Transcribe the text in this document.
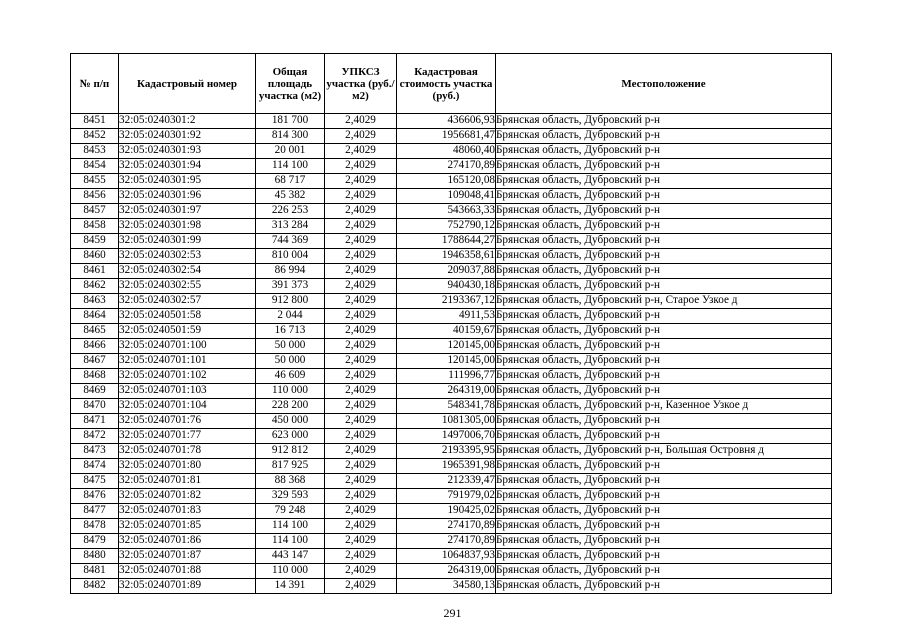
№ п/п	Кадастровый номер	Общая площадь участка (м2)	УПКСЗ участка (руб./м2)	Кадастровая стоимость участка (руб.)	Местоположение
8451	32:05:0240301:2	181 700	2,4029	436606,93	Брянская область, Дубровский р-н
8452	32:05:0240301:92	814 300	2,4029	1956681,47	Брянская область, Дубровский р-н
8453	32:05:0240301:93	20 001	2,4029	48060,40	Брянская область, Дубровский р-н
8454	32:05:0240301:94	114 100	2,4029	274170,89	Брянская область, Дубровский р-н
8455	32:05:0240301:95	68 717	2,4029	165120,08	Брянская область, Дубровский р-н
8456	32:05:0240301:96	45 382	2,4029	109048,41	Брянская область, Дубровский р-н
8457	32:05:0240301:97	226 253	2,4029	543663,33	Брянская область, Дубровский р-н
8458	32:05:0240301:98	313 284	2,4029	752790,12	Брянская область, Дубровский р-н
8459	32:05:0240301:99	744 369	2,4029	1788644,27	Брянская область, Дубровский р-н
8460	32:05:0240302:53	810 004	2,4029	1946358,61	Брянская область, Дубровский р-н
8461	32:05:0240302:54	86 994	2,4029	209037,88	Брянская область, Дубровский р-н
8462	32:05:0240302:55	391 373	2,4029	940430,18	Брянская область, Дубровский р-н
8463	32:05:0240302:57	912 800	2,4029	2193367,12	Брянская область, Дубровский р-н, Старое Узкое д
8464	32:05:0240501:58	2 044	2,4029	4911,53	Брянская область, Дубровский р-н
8465	32:05:0240501:59	16 713	2,4029	40159,67	Брянская область, Дубровский р-н
8466	32:05:0240701:100	50 000	2,4029	120145,00	Брянская область, Дубровский р-н
8467	32:05:0240701:101	50 000	2,4029	120145,00	Брянская область, Дубровский р-н
8468	32:05:0240701:102	46 609	2,4029	111996,77	Брянская область, Дубровский р-н
8469	32:05:0240701:103	110 000	2,4029	264319,00	Брянская область, Дубровский р-н
8470	32:05:0240701:104	228 200	2,4029	548341,78	Брянская область, Дубровский р-н, Казенное Узкое д
8471	32:05:0240701:76	450 000	2,4029	1081305,00	Брянская область, Дубровский р-н
8472	32:05:0240701:77	623 000	2,4029	1497006,70	Брянская область, Дубровский р-н
8473	32:05:0240701:78	912 812	2,4029	2193395,95	Брянская область, Дубровский р-н, Большая Островня д
8474	32:05:0240701:80	817 925	2,4029	1965391,98	Брянская область, Дубровский р-н
8475	32:05:0240701:81	88 368	2,4029	212339,47	Брянская область, Дубровский р-н
8476	32:05:0240701:82	329 593	2,4029	791979,02	Брянская область, Дубровский р-н
8477	32:05:0240701:83	79 248	2,4029	190425,02	Брянская область, Дубровский р-н
8478	32:05:0240701:85	114 100	2,4029	274170,89	Брянская область, Дубровский р-н
8479	32:05:0240701:86	114 100	2,4029	274170,89	Брянская область, Дубровский р-н
8480	32:05:0240701:87	443 147	2,4029	1064837,93	Брянская область, Дубровский р-н
8481	32:05:0240701:88	110 000	2,4029	264319,00	Брянская область, Дубровский р-н
8482	32:05:0240701:89	14 391	2,4029	34580,13	Брянская область, Дубровский р-н
291
